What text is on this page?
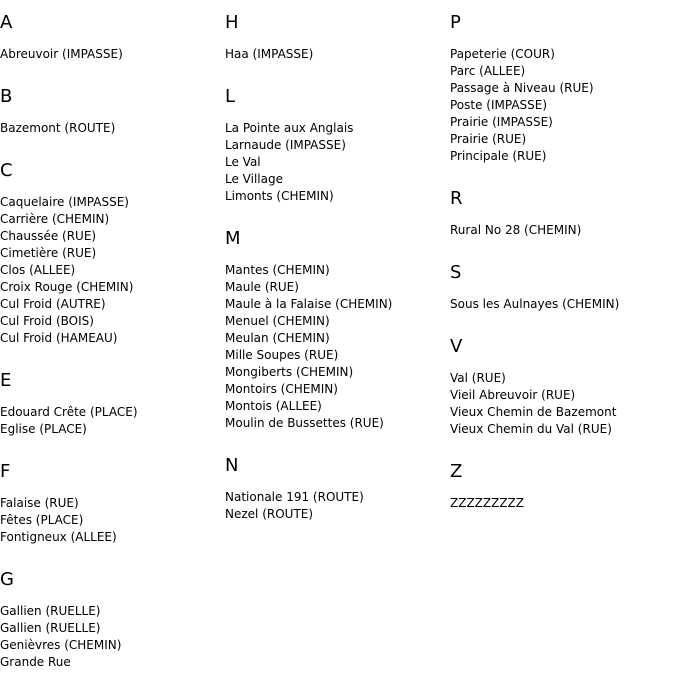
A
Abreuvoir (IMPASSE)
B
Bazemont (ROUTE)
C
Caquelaire (IMPASSE)
Carrière (CHEMIN)
Chaussée (RUE)
Cimetière (RUE)
Clos (ALLEE)
Croix Rouge (CHEMIN)
Cul Froid (AUTRE)
Cul Froid (BOIS)
Cul Froid (HAMEAU)
E
Edouard Crête (PLACE)
Eglise (PLACE)
F
Falaise (RUE)
Fêtes (PLACE)
Fontigneux (ALLEE)
G
Gallien (RUELLE)
Gallien (RUELLE)
Genièvres (CHEMIN)
Grande Rue
H
Haa (IMPASSE)
L
La Pointe aux Anglais
Larnaude (IMPASSE)
Le Val
Le Village
Limonts (CHEMIN)
M
Mantes (CHEMIN)
Maule (RUE)
Maule à la Falaise (CHEMIN)
Menuel (CHEMIN)
Meulan (CHEMIN)
Mille Soupes (RUE)
Mongiberts (CHEMIN)
Montoirs (CHEMIN)
Montois (ALLEE)
Moulin de Bussettes (RUE)
N
Nationale 191 (ROUTE)
Nezel (ROUTE)
P
Papeterie (COUR)
Parc (ALLEE)
Passage à Niveau (RUE)
Poste (IMPASSE)
Prairie (IMPASSE)
Prairie (RUE)
Principale (RUE)
R
Rural No 28 (CHEMIN)
S
Sous les Aulnayes (CHEMIN)
V
Val (RUE)
Vieil Abreuvoir (RUE)
Vieux Chemin de Bazemont
Vieux Chemin du Val (RUE)
Z
ZZZZZZZZZ
